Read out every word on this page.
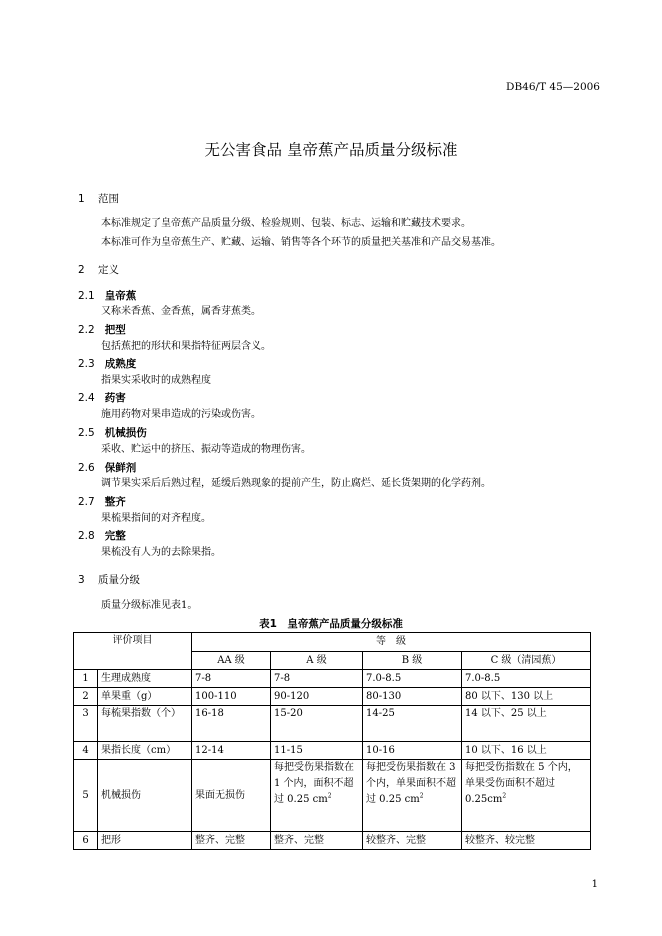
DB46/T 45—2006
无公害食品 皇帝蕉产品质量分级标准
1 范围
本标准规定了皇帝蕉产品质量分级、检验规则、包装、标志、运输和贮藏技术要求。
本标准可作为皇帝蕉生产、贮藏、运输、销售等各个环节的质量把关基准和产品交易基准。
2 定义
2.1 皇帝蕉
又称米香蕉、金香蕉，属香芽蕉类。
2.2 把型
包括蕉把的形状和果指特征两层含义。
2.3 成熟度
指果实采收时的成熟程度
2.4 药害
施用药物对果串造成的污染或伤害。
2.5 机械损伤
采收、贮运中的挤压、振动等造成的物理伤害。
2.6 保鲜剂
调节果实采后后熟过程，延缓后熟现象的提前产生，防止腐烂、延长货架期的化学药剂。
2.7 整齐
果梳果指间的对齐程度。
2.8 完整
果梳没有人为的去除果指。
3 质量分级
质量分级标准见表1。
表1　皇帝蕉产品质量分级标准
评价项目		等　级			
		AA 级	A 级	B 级	C 级（清园蕉）
1	生理成熟度	7-8	7-8	7.0-8.5	7.0-8.5
2	单果重（g）	100-110	90-120	80-130	80 以下、130 以上
3	每梳果指数（个）	16-18	15-20	14-25	14 以下、25 以上
4	果指长度（cm）	12-14	11-15	10-16	10 以下、16 以上
5	机械损伤	果面无损伤	每把受伤果指数在 1 个内，面积不超过 0.25 $cm^2$	每把受伤果指数在 3 个内，单果面积不超过 0.25 $cm^2$	每把受伤指数在 5 个内，单果受伤面积不超过 $0.25cm^2$
6	把形	整齐、完整	整齐、完整	较整齐、完整	较整齐、较完整
1
